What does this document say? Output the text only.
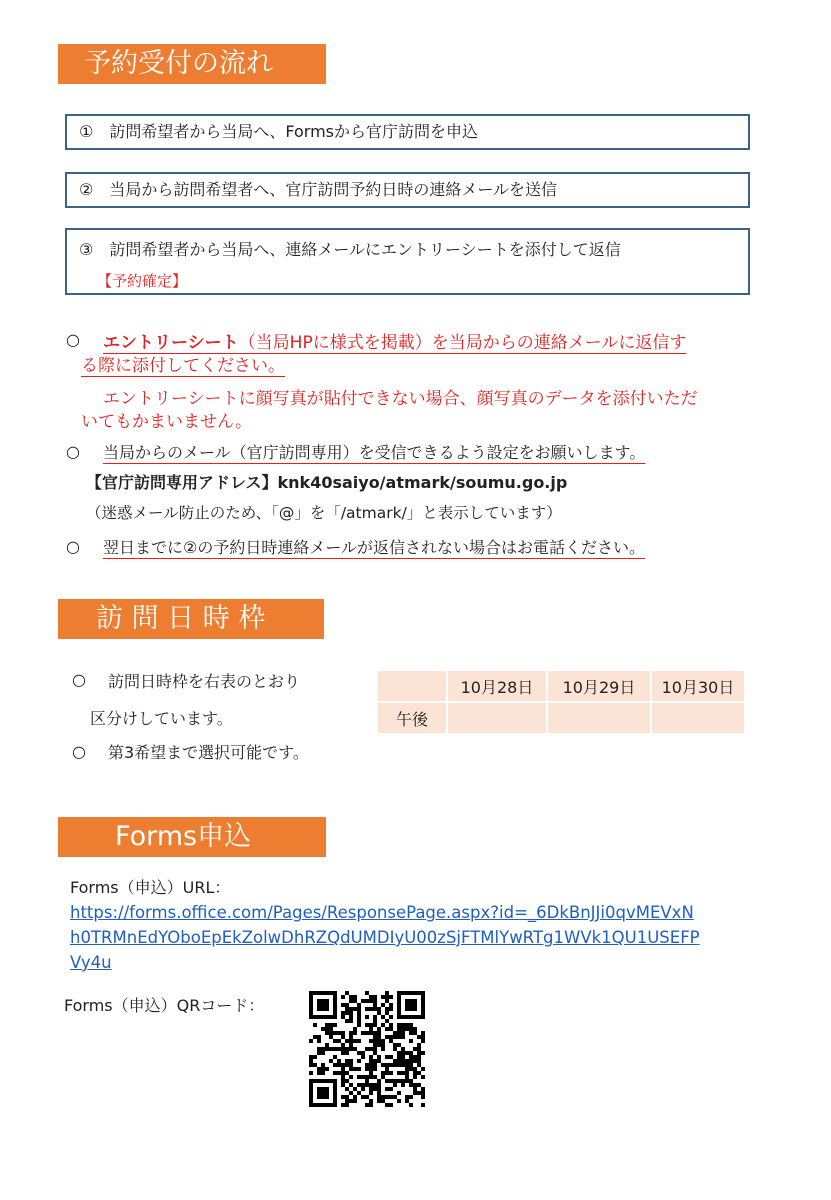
予約受付の流れ
①　訪問希望者から当局へ、Formsから官庁訪問を申込
②　当局から訪問希望者へ、官庁訪問予約日時の連絡メールを送信
③　訪問希望者から当局へ、連絡メールにエントリーシートを添付して返信
【予約確定】
○ エントリーシート（当局HPに様式を掲載）を当局からの連絡メールに返信す
る際に添付してください。
エントリーシートに顔写真が貼付できない場合、顔写真のデータを添付いただ
いてもかまいません。
○ 当局からのメール（官庁訪問専用）を受信できるよう設定をお願いします。
【官庁訪問専用アドレス】knk40saiyo/atmark/soumu.go.jp
（迷惑メール防止のため、「@」を「/atmark/」と表示しています）
○ 翌日までに②の予約日時連絡メールが返信されない場合はお電話ください。
訪 問 日 時 枠
○ 訪問日時枠を右表のとおり
区分けしています。
○ 第3希望まで選択可能です。
	10月28日	10月29日	10月30日
午後			
Forms申込
Forms（申込）URL：
https://forms.office.com/Pages/ResponsePage.aspx?id=_6DkBnJJi0qvMEVxN
h0TRMnEdYOboEpEkZolwDhRZQdUMDIyU00zSjFTMlYwRTg1WVk1QU1USEFP
Vy4u
Forms（申込）QRコード：
